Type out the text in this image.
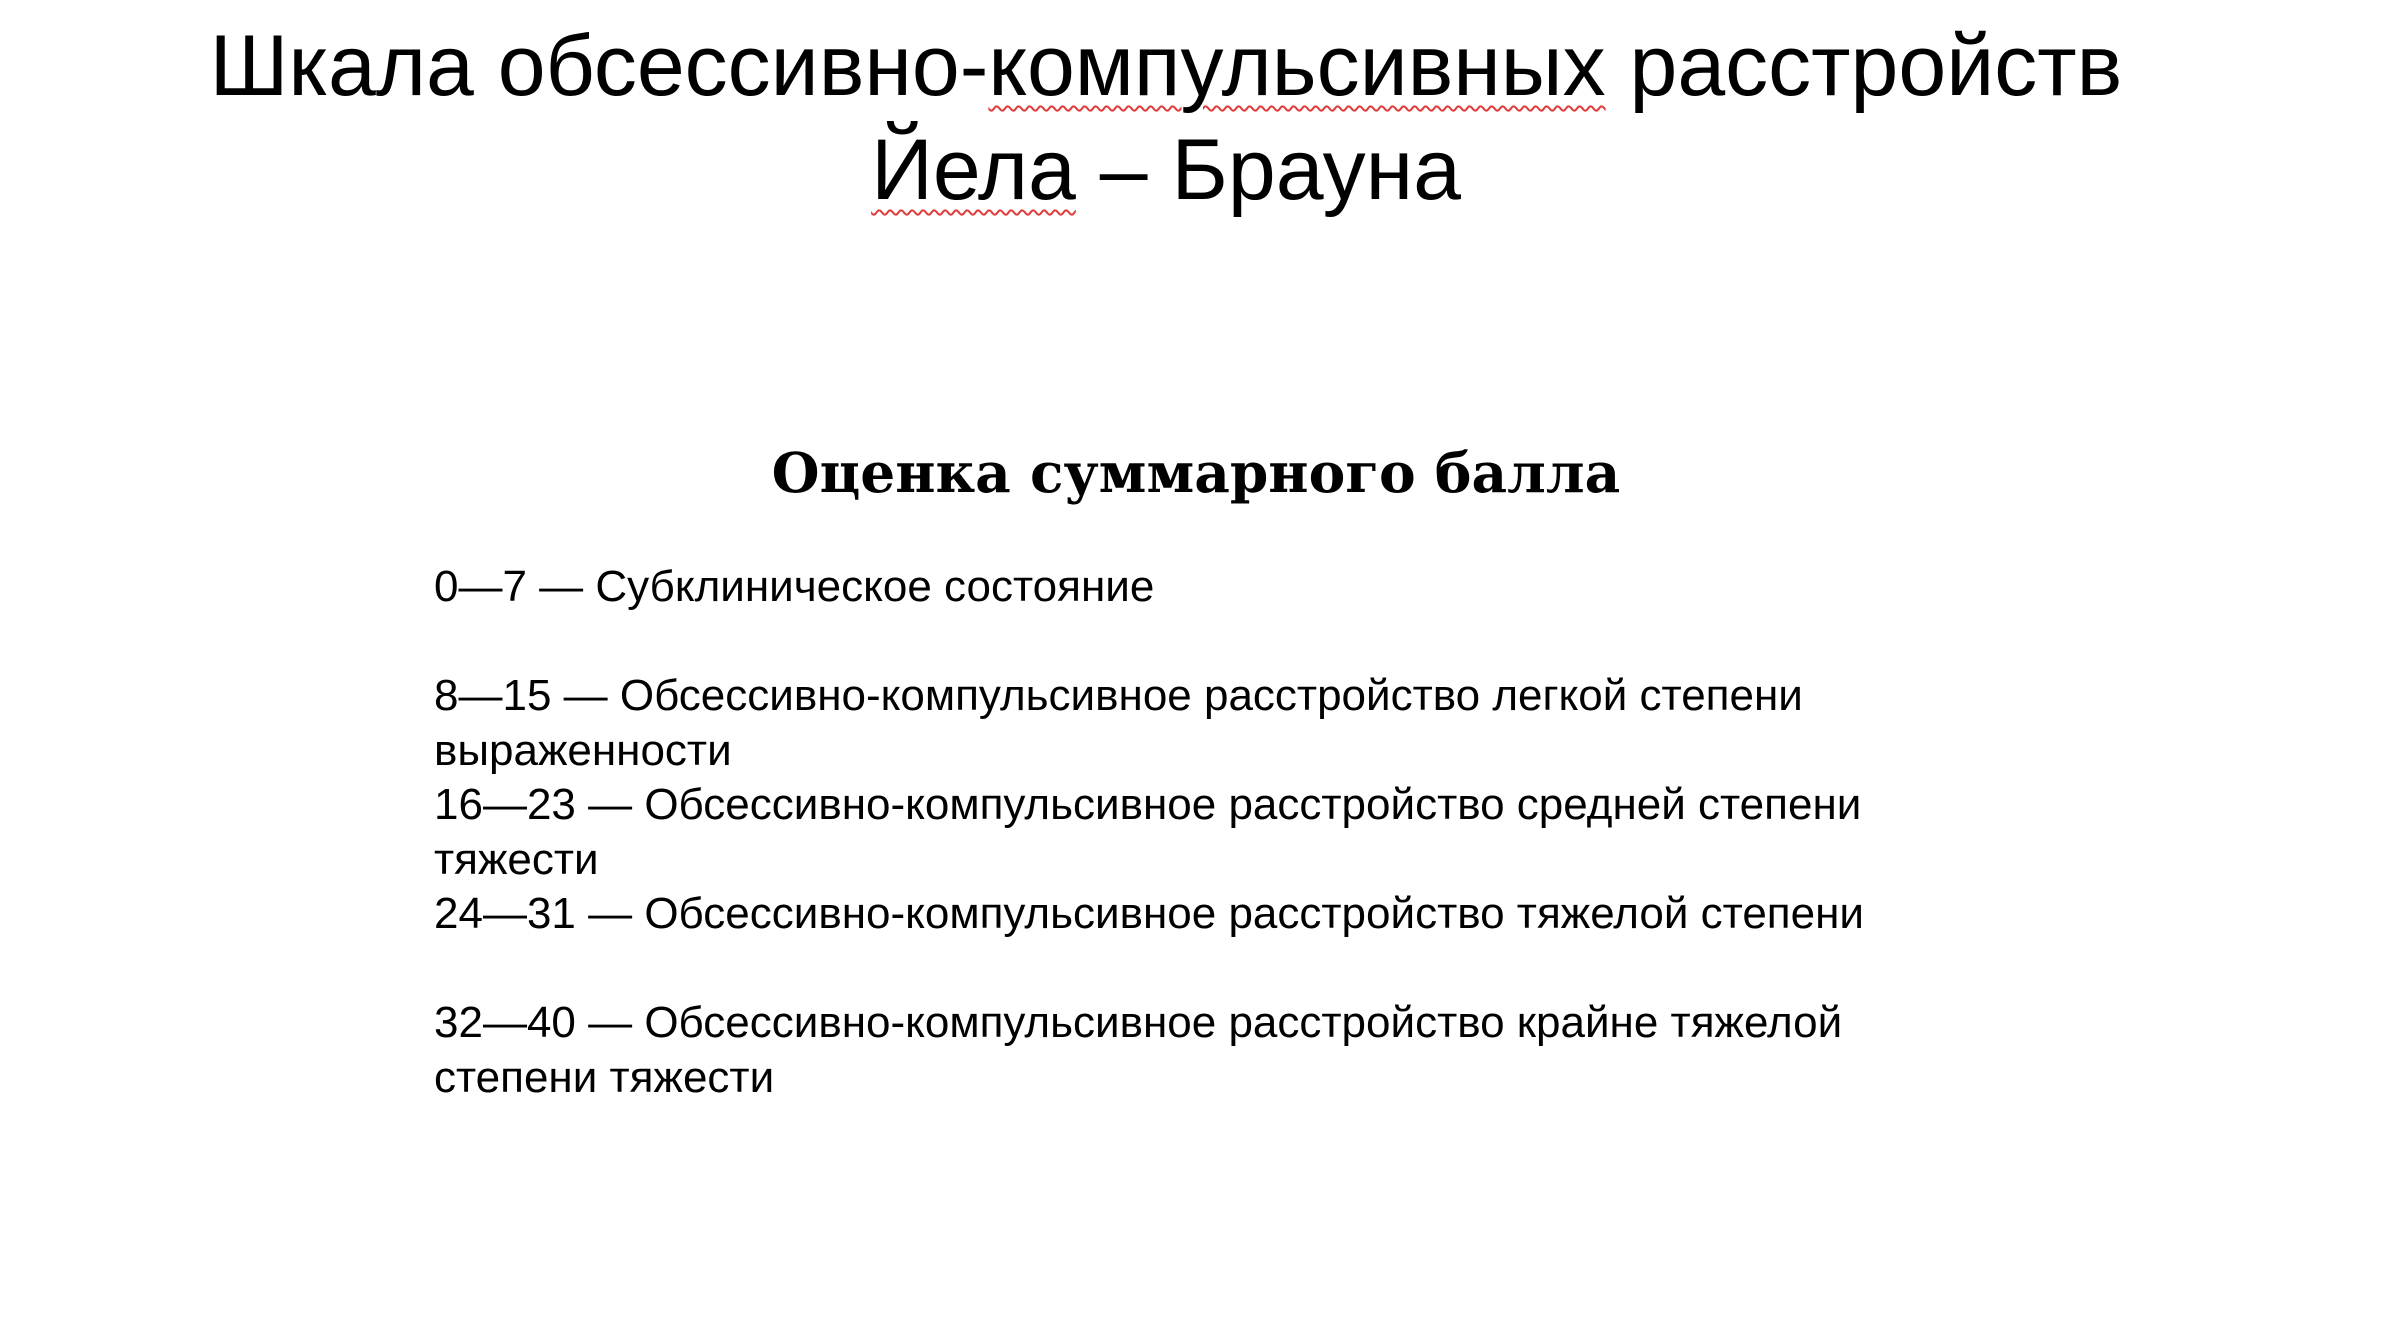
Шкала обсессивно-компульсивных расстройств
Йела – Брауна
Оценка суммарного балла
0—7 — Субклиническое состояние
8—15 — Обсессивно-компульсивное расстройство легкой степени выраженности
16—23 — Обсессивно-компульсивное расстройство средней степени тяжести
24—31 — Обсессивно-компульсивное расстройство тяжелой степени
32—40 — Обсессивно-компульсивное расстройство крайне тяжелой степени тяжести
